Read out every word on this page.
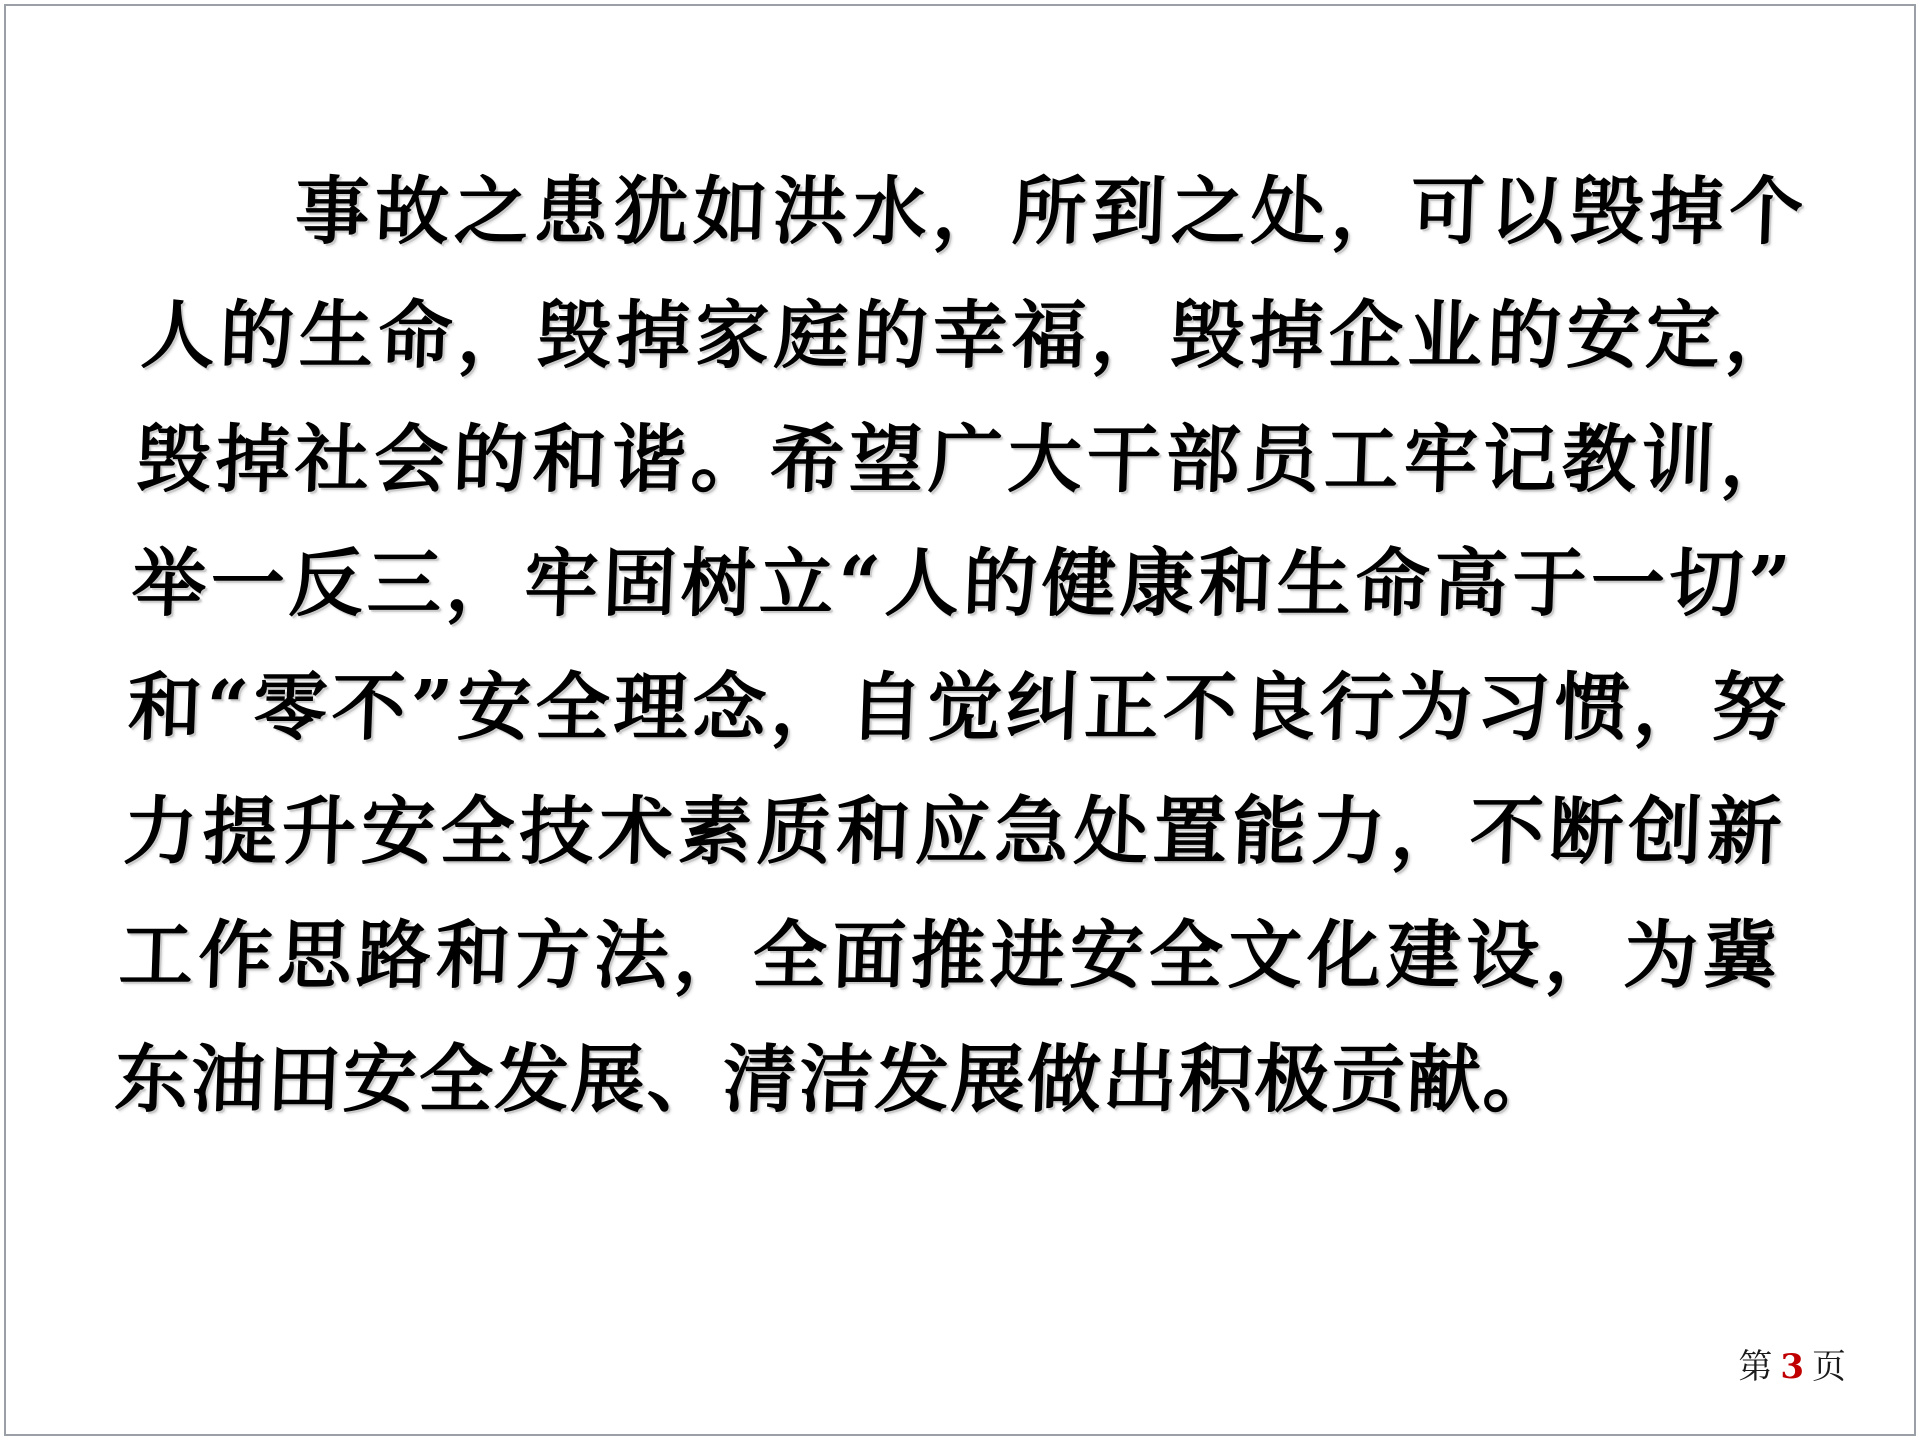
事故之患犹如洪水，所到之处，可以毁掉个人的生命，毁掉家庭的幸福，毁掉企业的安定，毁掉社会的和谐。希望广大干部员工牢记教训，举一反三，牢固树立“人的健康和生命高于一切”和“零不”安全理念，自觉纠正不良行为习惯，努力提升安全技术素质和应急处置能力，不断创新工作思路和方法，全面推进安全文化建设，为冀东油田安全发展、清洁发展做出积极贡献。
第 3 页
